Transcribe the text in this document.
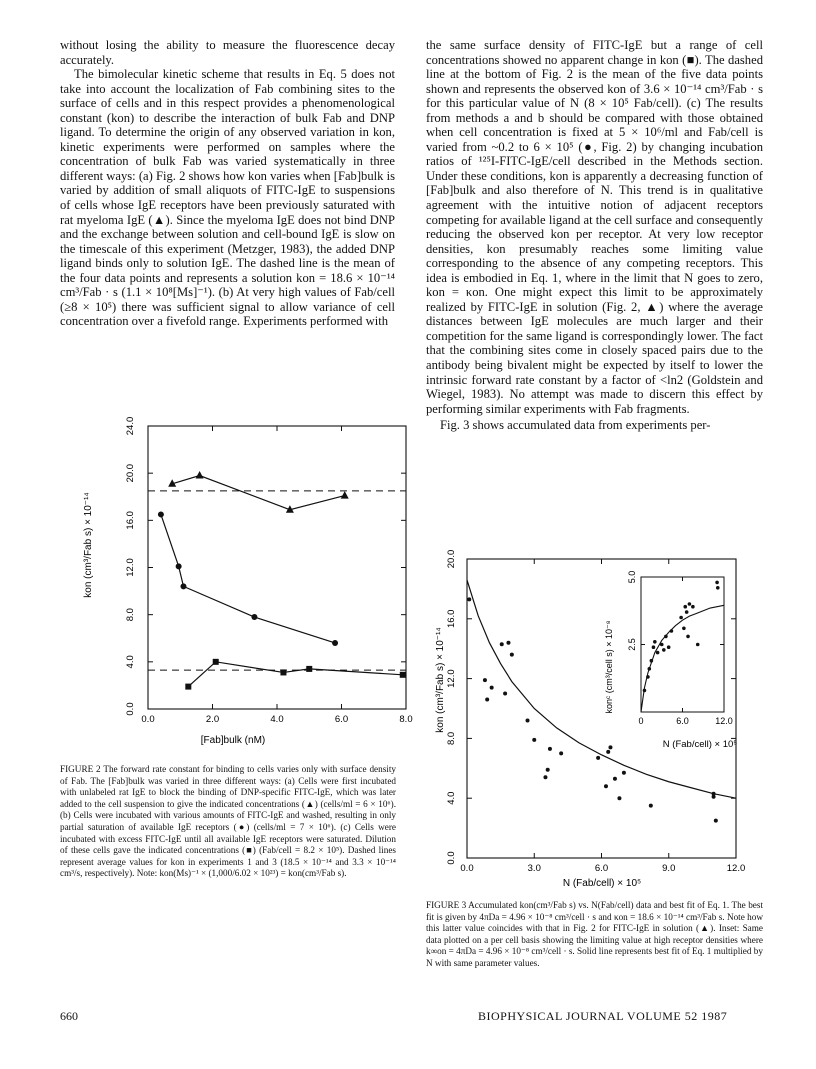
without losing the ability to measure the fluorescence decay accurately.

The bimolecular kinetic scheme that results in Eq. 5 does not take into account the localization of Fab combining sites to the surface of cells and in this respect provides a phenomenological constant (kon) to describe the interaction of bulk Fab and DNP ligand. To determine the origin of any observed variation in kon, kinetic experiments were performed on samples where the concentration of bulk Fab was varied systematically in three different ways: (a) Fig. 2 shows how kon varies when [Fab]bulk is varied by addition of small aliquots of FITC-IgE to suspensions of cells whose IgE receptors have been previously saturated with rat myeloma IgE (▲). Since the myeloma IgE does not bind DNP and the exchange between solution and cell-bound IgE is slow on the timescale of this experiment (Metzger, 1983), the added DNP ligand binds only to solution IgE. The dashed line is the mean of the four data points and represents a solution kon = 18.6 × 10⁻¹⁴ cm³/Fab · s (1.1 × 10⁸[Ms]⁻¹). (b) At very high values of Fab/cell (≥8 × 10⁵) there was sufficient signal to allow variance of cell concentration over a fivefold range. Experiments performed with

the same surface density of FITC-IgE but a range of cell concentrations showed no apparent change in kon (■). The dashed line at the bottom of Fig. 2 is the mean of the five data points shown and represents the observed kon of 3.6 × 10⁻¹⁴ cm³/Fab · s for this particular value of N (8 × 10⁵ Fab/cell). (c) The results from methods a and b should be compared with those obtained when cell concentration is fixed at 5 × 10⁶/ml and Fab/cell is varied from ~0.2 to 6 × 10⁵ (●, Fig. 2) by changing incubation ratios of ¹²⁵I-FITC-IgE/cell described in the Methods section. Under these conditions, kon is apparently a decreasing function of [Fab]bulk and also therefore of N. This trend is in qualitative agreement with the intuitive notion of adjacent receptors competing for available ligand at the cell surface and consequently reducing the observed kon per receptor. At very low receptor densities, kon presumably reaches some limiting value corresponding to the absence of any competing receptors. This idea is embodied in Eq. 1, where in the limit that N goes to zero, kon = κon. One might expect this limit to be approximately realized by FITC-IgE in solution (Fig. 2, ▲) where the average distances between IgE molecules are much larger and their competition for the same ligand is correspondingly lower. The fact that the combining sites come in closely spaced pairs due to the antibody being bivalent might be expected by itself to lower the intrinsic forward rate constant by a factor of <ln2 (Goldstein and Wiegel, 1983). No attempt was made to discern this effect by performing similar experiments with Fab fragments.

Fig. 3 shows accumulated data from experiments per-

0.0	2.0	4.0	6.0	8.0
0.0
4.0
8.0
12.0
16.0
20.0
24.0
[Fab]bulk (nM)
kon (cm³/Fab s) × 10⁻¹⁴
0.0	3.0	6.0	9.0	12.0
0.0
4.0
8.0
12.0
16.0
20.0
N (Fab/cell) × 10⁵
kon (cm³/Fab s) × 10⁻¹⁴	0	6.0	12.0
2.5
5.0
N (Fab/cell) × 10⁵
konᶜ (cm³/cell s) × 10⁻⁸
FIGURE 2 The forward rate constant for binding to cells varies only with surface density of Fab. The [Fab]bulk was varied in three different ways: (a) Cells were first incubated with unlabeled rat IgE to block the binding of DNP-specific FITC-IgE, which was later added to the cell suspension to give the indicated concentrations (▲) (cells/ml = 6 × 10⁶). (b) Cells were incubated with various amounts of FITC-IgE and washed, resulting in only partial saturation of available IgE receptors (●) (cells/ml = 7 × 10⁶). (c) Cells were incubated with excess FITC-IgE until all available IgE receptors were saturated. Dilution of these cells gave the indicated concentrations (■) (Fab/cell = 8.2 × 10⁵). Dashed lines represent average values for kon in experiments 1 and 3 (18.5 × 10⁻¹⁴ and 3.3 × 10⁻¹⁴ cm³/s, respectively). Note: kon(Ms)⁻¹ × (1,000/6.02 × 10²³) = kon(cm³/Fab s).
FIGURE 3 Accumulated kon(cm³/Fab s) vs. N(Fab/cell) data and best fit of Eq. 1. The best fit is given by 4πDa = 4.96 × 10⁻⁸ cm³/cell · s and κon = 18.6 × 10⁻¹⁴ cm³/Fab s. Note how this latter value coincides with that in Fig. 2 for FITC-IgE in solution (▲). Inset: Same data plotted on a per cell basis showing the limiting value at high receptor densities where k∞on = 4πDa = 4.96 × 10⁻⁸ cm³/cell · s. Solid line represents best fit of Eq. 1 multiplied by N with same parameter values.
660	BIOPHYSICAL JOURNAL VOLUME 52 1987
